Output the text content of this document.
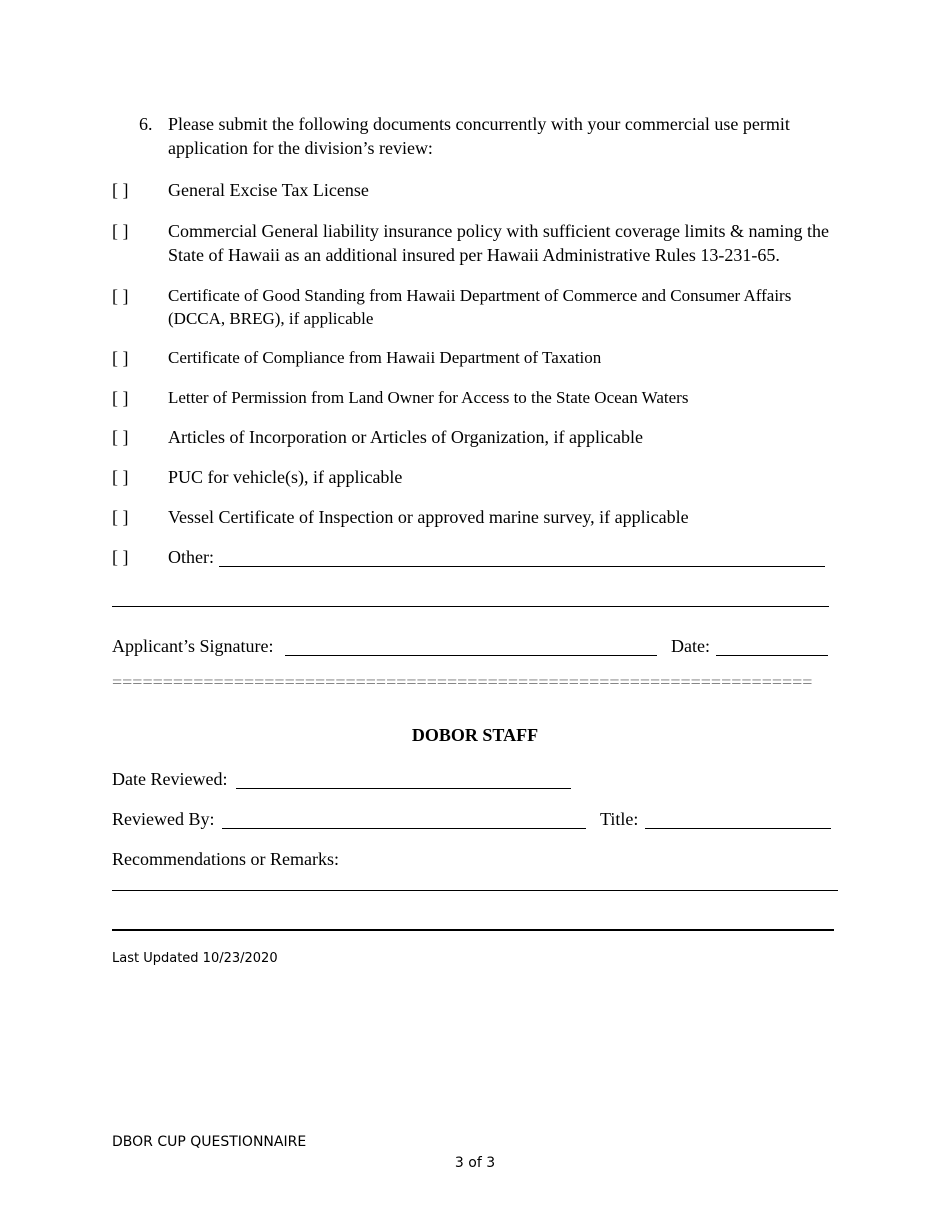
6. Please submit the following documents concurrently with your commercial use permit application for the division’s review:
[ ] General Excise Tax License
[ ] Commercial General liability insurance policy with sufficient coverage limits & naming the State of Hawaii as an additional insured per Hawaii Administrative Rules 13-231-65.
[ ] Certificate of Good Standing from Hawaii Department of Commerce and Consumer Affairs (DCCA, BREG), if applicable
[ ] Certificate of Compliance from Hawaii Department of Taxation
[ ] Letter of Permission from Land Owner for Access to the State Ocean Waters
[ ] Articles of Incorporation or Articles of Organization, if applicable
[ ] PUC for vehicle(s), if applicable
[ ] Vessel Certificate of Inspection or approved marine survey, if applicable
[ ] Other:
Applicant’s Signature:	Date:
=====================================================================
DOBOR STAFF
Date Reviewed:
Reviewed By:	Title:
Recommendations or Remarks:
Last Updated 10/23/2020
DBOR CUP QUESTIONNAIRE
3 of 3
